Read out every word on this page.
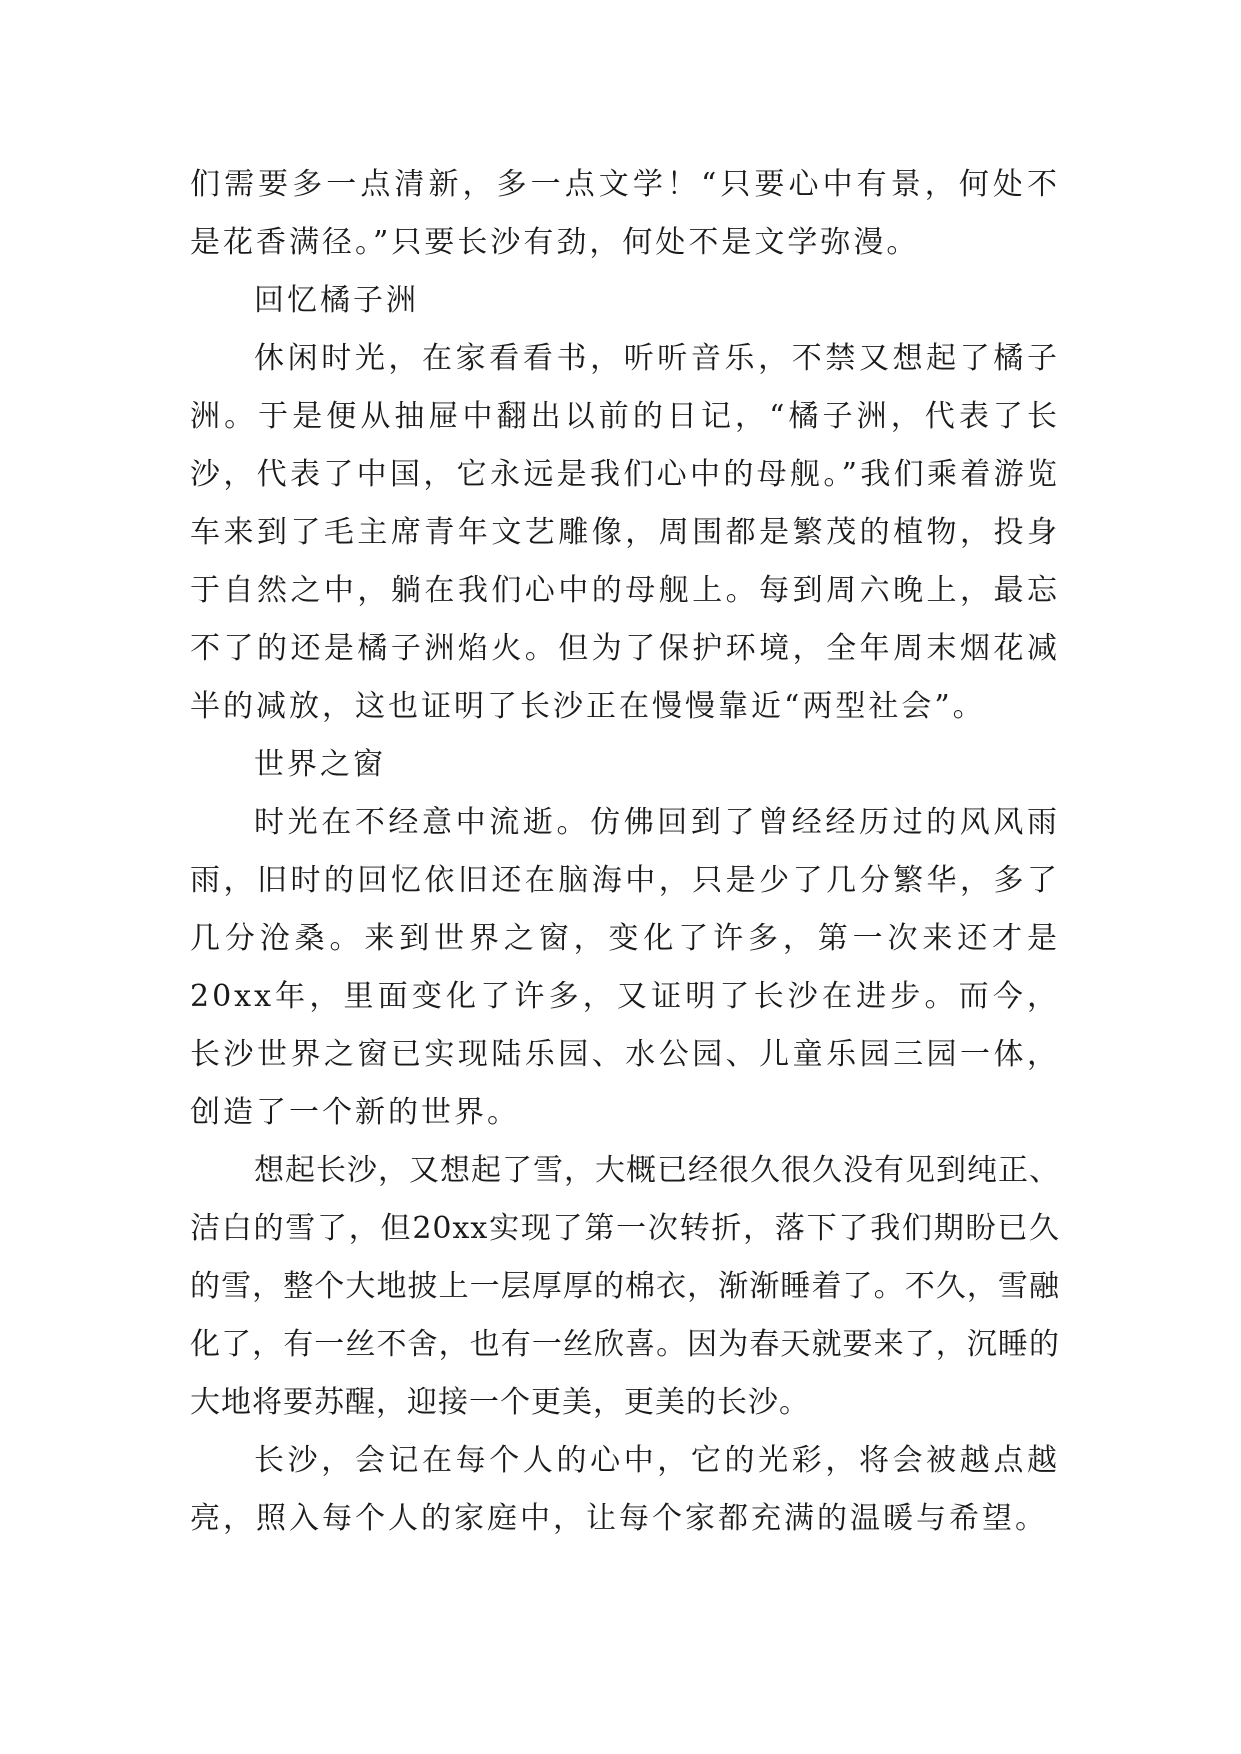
们需要多一点清新，多一点文学！“只要心中有景，何处不是花香满径。”只要长沙有劲，何处不是文学弥漫。

回忆橘子洲

休闲时光，在家看看书，听听音乐，不禁又想起了橘子洲。于是便从抽屉中翻出以前的日记，“橘子洲，代表了长沙，代表了中国，它永远是我们心中的母舰。”我们乘着游览车来到了毛主席青年文艺雕像，周围都是繁茂的植物，投身于自然之中，躺在我们心中的母舰上。每到周六晚上，最忘不了的还是橘子洲焰火。但为了保护环境，全年周末烟花减半的减放，这也证明了长沙正在慢慢靠近“两型社会”。

世界之窗

时光在不经意中流逝。仿佛回到了曾经经历过的风风雨雨，旧时的回忆依旧还在脑海中，只是少了几分繁华，多了几分沧桑。来到世界之窗，变化了许多，第一次来还才是20xx年，里面变化了许多，又证明了长沙在进步。而今，长沙世界之窗已实现陆乐园、水公园、儿童乐园三园一体，创造了一个新的世界。

想起长沙，又想起了雪，大概已经很久很久没有见到纯正、洁白的雪了，但20xx实现了第一次转折，落下了我们期盼已久的雪，整个大地披上一层厚厚的棉衣，渐渐睡着了。不久，雪融化了，有一丝不舍，也有一丝欣喜。因为春天就要来了，沉睡的大地将要苏醒，迎接一个更美，更美的长沙。

长沙，会记在每个人的心中，它的光彩，将会被越点越亮，照入每个人的家庭中，让每个家都充满的温暖与希望。
